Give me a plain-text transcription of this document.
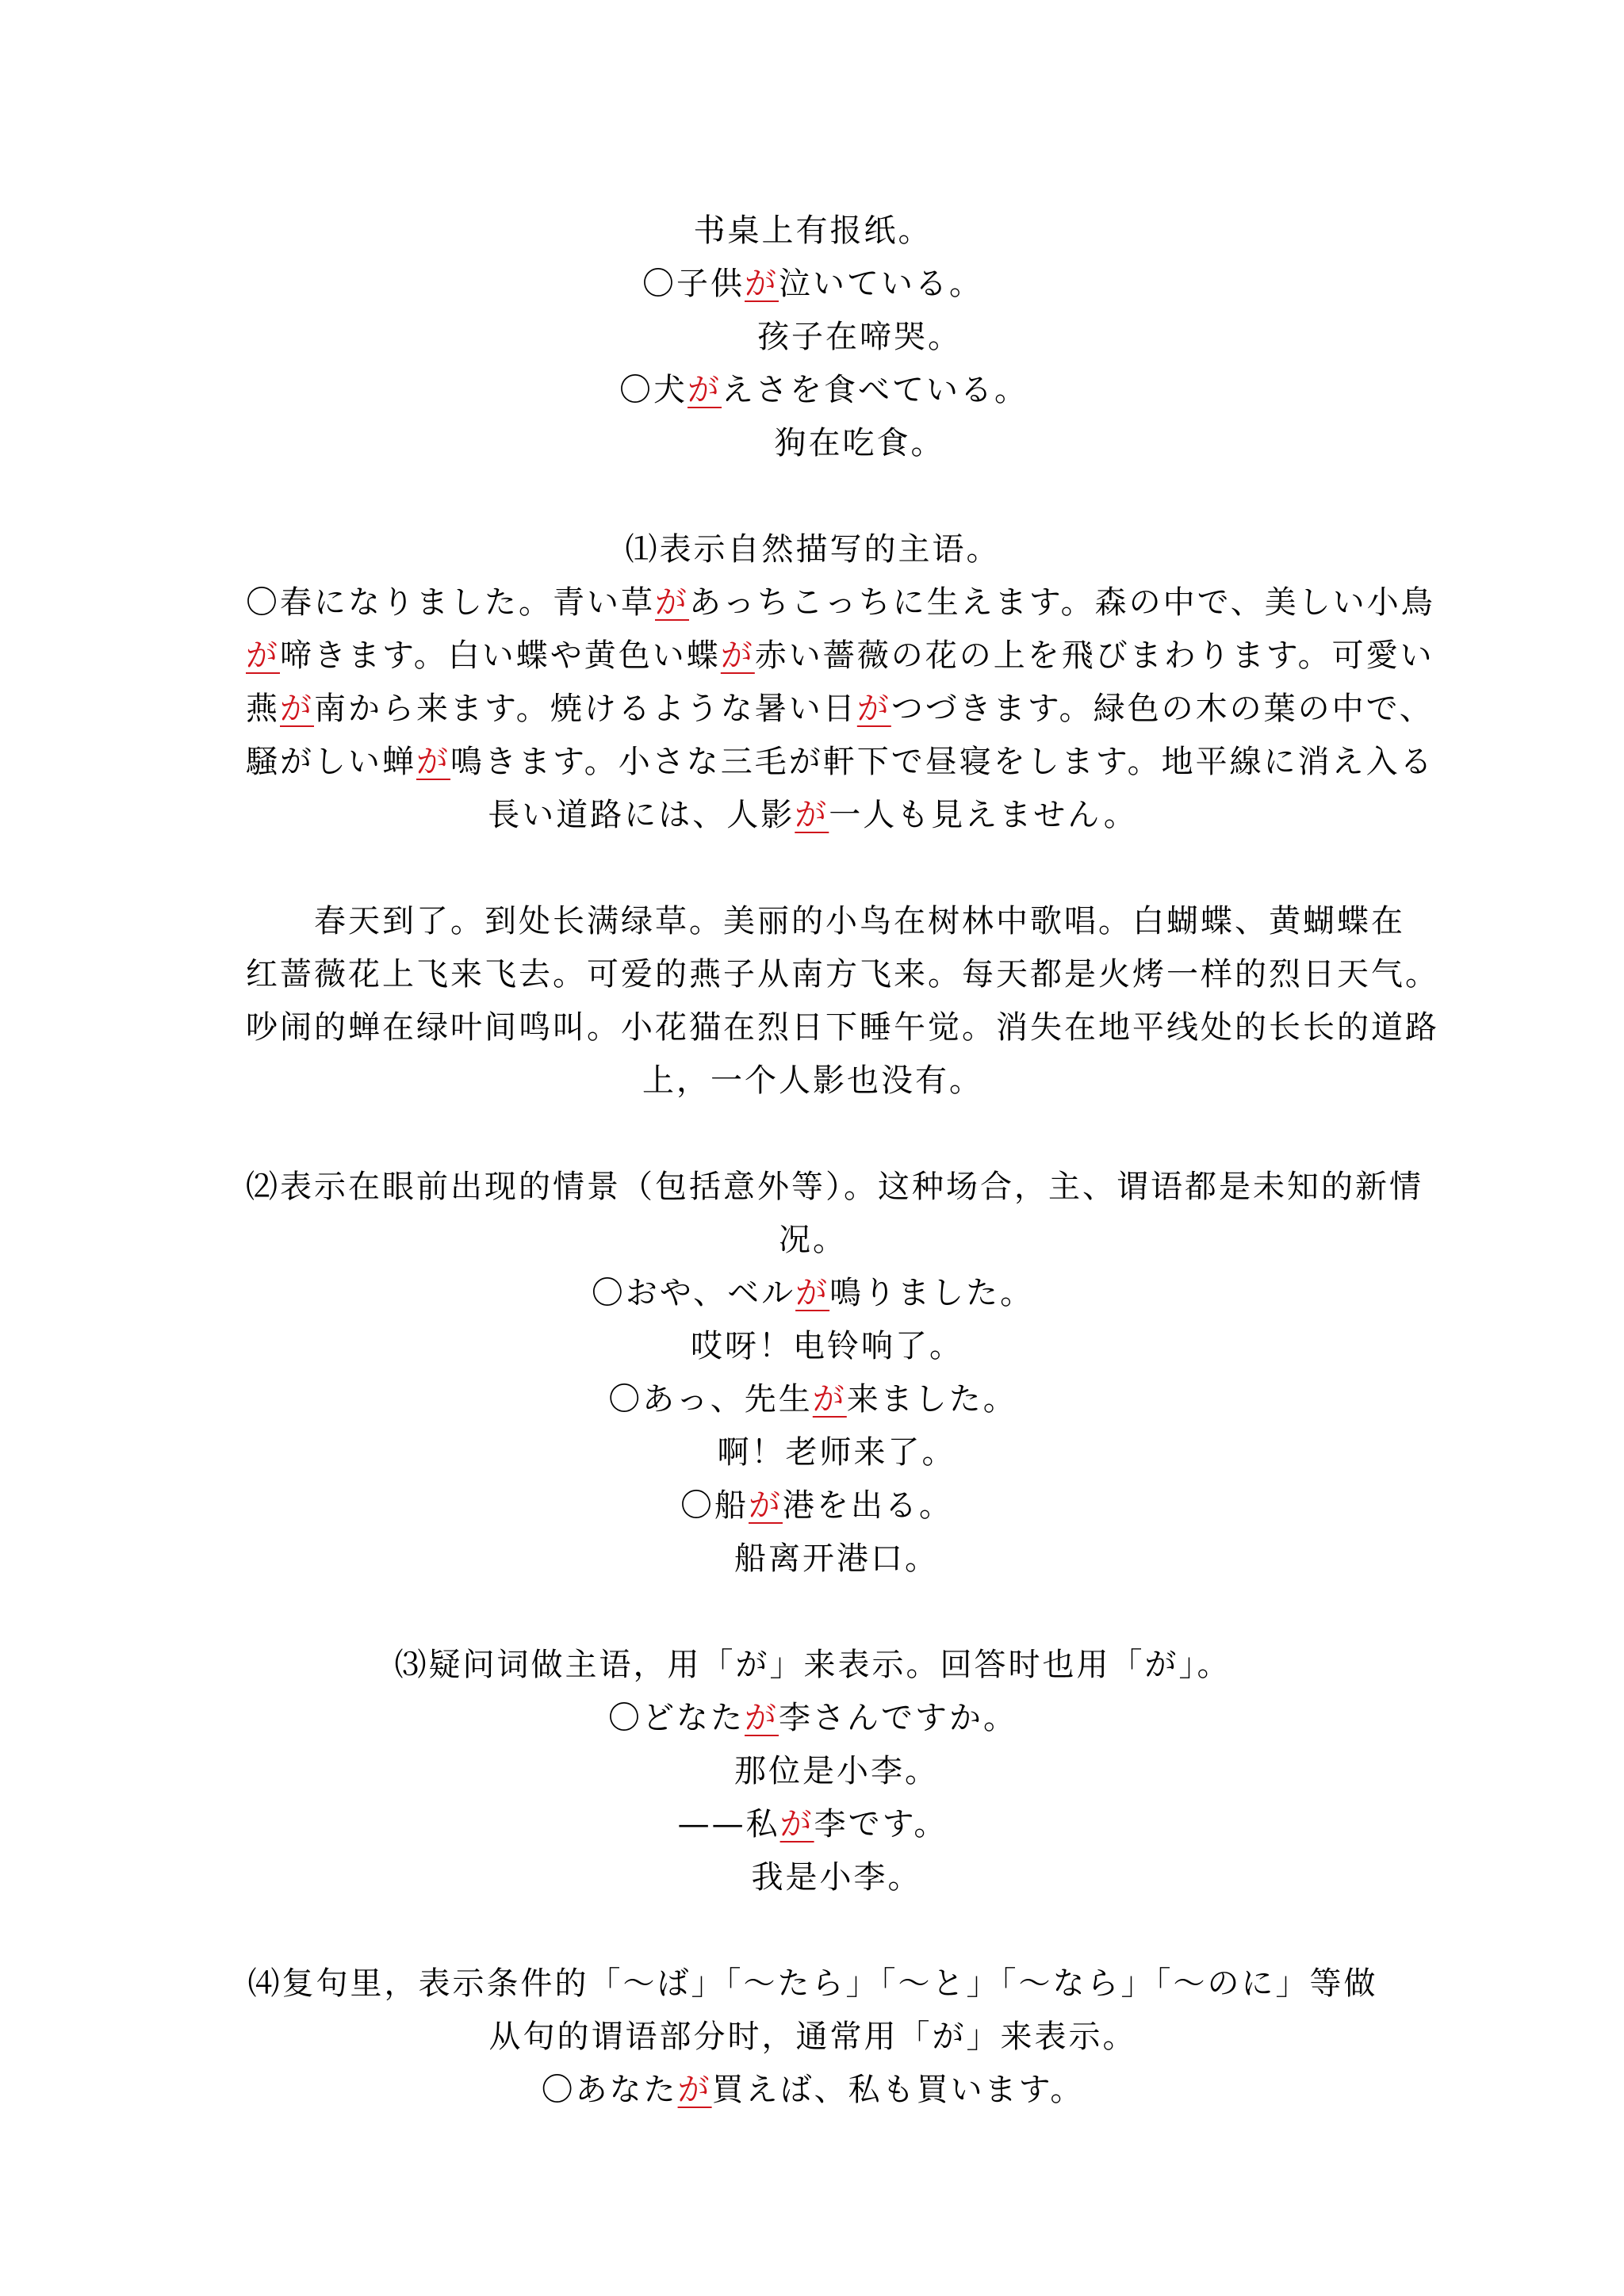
书桌上有报纸。
〇子供が泣いている。
孩子在啼哭。
〇犬がえさを食べている。
狗在吃食。
⑴表示自然描写的主语。
〇春になりました。青い草があっちこっちに生えます。森の中で、美しい小鳥
が啼きます。白い蝶や黄色い蝶が赤い薔薇の花の上を飛びまわります。可愛い
燕が南から来ます。焼けるような暑い日がつづきます。緑色の木の葉の中で、
騒がしい蝉が鳴きます。小さな三毛が軒下で昼寝をします。地平線に消え入る
長い道路には、人影が一人も見えません。
　　春天到了。到处长满绿草。美丽的小鸟在树林中歌唱。白蝴蝶、黄蝴蝶在
红蔷薇花上飞来飞去。可爱的燕子从南方飞来。每天都是火烤一样的烈日天气。
吵闹的蝉在绿叶间鸣叫。小花猫在烈日下睡午觉。消失在地平线处的长长的道路
上，一个人影也没有。
⑵表示在眼前出现的情景（包括意外等）。这种场合，主、谓语都是未知的新情
况。
〇おや、ベルが鳴りました。
哎呀！电铃响了。
〇あっ、先生が来ました。
啊！老师来了。
〇船が港を出る。
船离开港口。
⑶疑问词做主语，用「が」来表示。回答时也用「が」。
〇どなたが李さんですか。
那位是小李。
——私が李です。
我是小李。
⑷复句里，表示条件的「～ば」「～たら」「～と」「～なら」「～のに」等做
从句的谓语部分时，通常用「が」来表示。
〇あなたが買えば、私も買います。
